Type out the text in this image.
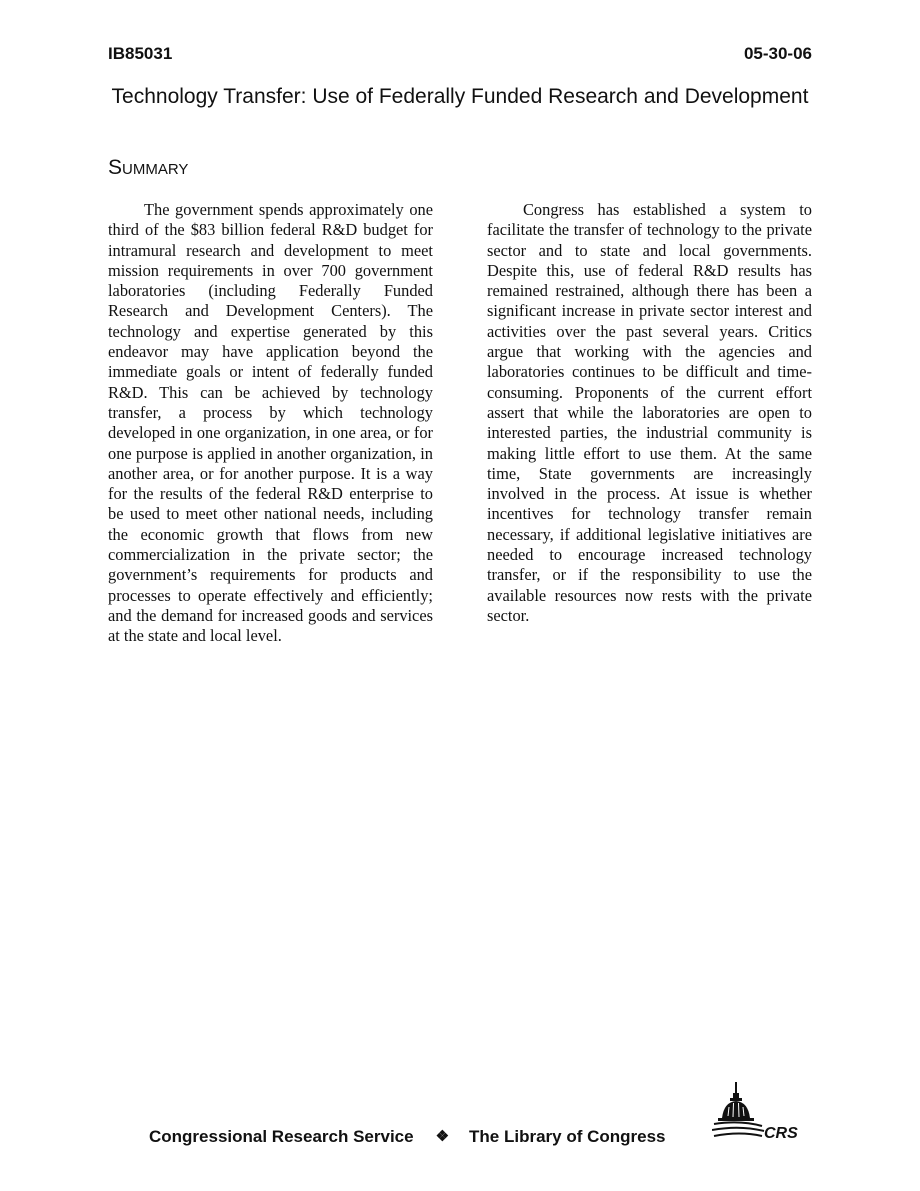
IB85031	05-30-06
Technology Transfer: Use of Federally Funded Research and Development
Summary

The government spends approximately one third of the $83 billion federal R&D budget for intramural research and development to meet mission requirements in over 700 government laboratories (including Federally Funded Research and Development Centers). The technology and expertise generated by this endeavor may have application beyond the immediate goals or intent of federally funded R&D. This can be achieved by technology transfer, a process by which technology developed in one organization, in one area, or for one purpose is applied in another organization, in another area, or for another purpose. It is a way for the results of the federal R&D enterprise to be used to meet other national needs, including the economic growth that flows from new commercialization in the private sector; the government’s requirements for products and processes to operate effectively and efficiently; and the demand for increased goods and services at the state and local level.

Congress has established a system to facilitate the transfer of technology to the private sector and to state and local governments. Despite this, use of federal R&D results has remained restrained, although there has been a significant increase in private sector interest and activities over the past several years. Critics argue that working with the agencies and laboratories continues to be difficult and time-consuming. Proponents of the current effort assert that while the laboratories are open to interested parties, the industrial community is making little effort to use them. At the same time, State governments are increasingly involved in the process. At issue is whether incentives for technology transfer remain necessary, if additional legislative initiatives are needed to encourage increased technology transfer, or if the responsibility to use the available resources now rests with the private sector.

Congressional Research Service ❖ The Library of Congress	CRS
